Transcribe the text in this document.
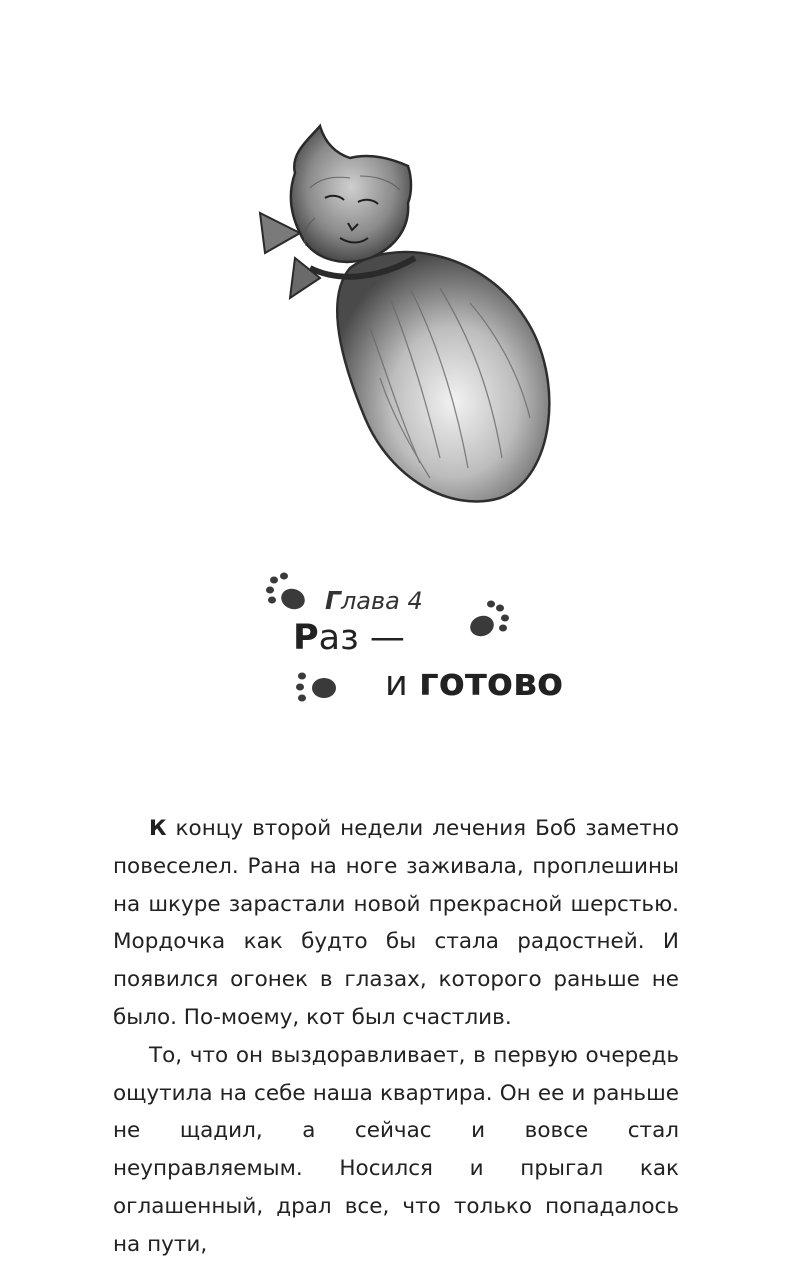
Глава 4
Раз —
и готово

К концу второй недели лечения Боб заметно повеселел. Рана на ноге заживала, проплешины на шкуре зарастали новой прекрасной шерстью. Мордочка как будто бы стала радостней. И появился огонек в глазах, которого раньше не было. По-моему, кот был счастлив.

То, что он выздоравливает, в первую очередь ощутила на себе наша квартира. Он ее и раньше не щадил, а сейчас и вовсе стал неуправляемым. Носился и прыгал как оглашенный, драл все, что только попадалось на пути,
